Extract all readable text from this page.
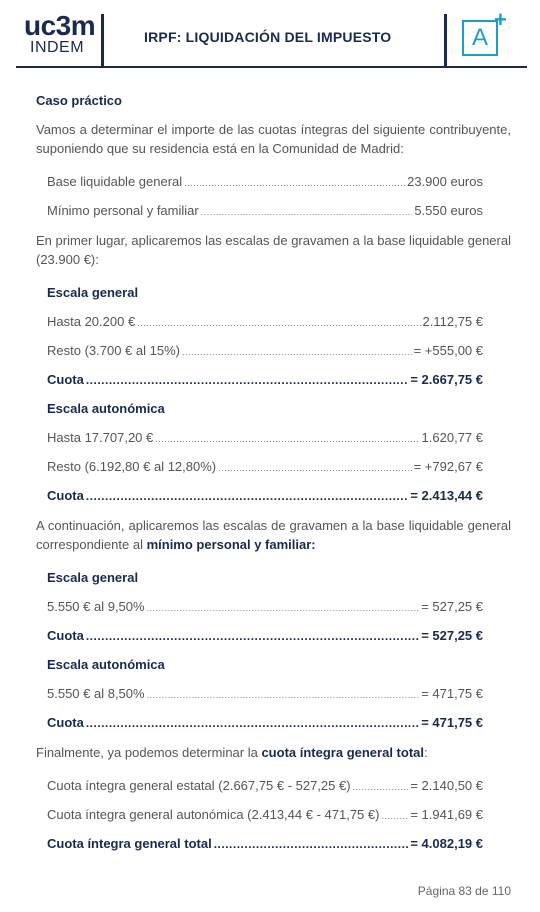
uc3m
INDEM
IRPF: LIQUIDACIÓN DEL IMPUESTO	A
+
Caso práctico

Vamos a determinar el importe de las cuotas íntegras del siguiente contribuyente, suponiendo que su residencia está en la Comunidad de Madrid:

Base liquidable general .....	23.900 euros
Mínimo personal y familiar .....	5.550 euros

En primer lugar, aplicaremos las escalas de gravamen a la base liquidable general (23.900 €):

Escala general
Hasta 20.200 € .....	2.112,75 €
Resto (3.700 € al 15%) .....	= +555,00 €
Cuota .....	= 2.667,75 €
Escala autonómica
Hasta 17.707,20 € .....	1.620,77 €
Resto (6.192,80 € al 12,80%) .....	= +792,67 €
Cuota .....	= 2.413,44 €

A continuación, aplicaremos las escalas de gravamen a la base liquidable general correspondiente al mínimo personal y familiar:

Escala general
5.550 € al 9,50% .....	= 527,25 €
Cuota .....	= 527,25 €
Escala autonómica
5.550 € al 8,50% .....	= 471,75 €
Cuota .....	= 471,75 €

Finalmente, ya podemos determinar la cuota íntegra general total:

Cuota íntegra general estatal (2.667,75 € - 527,25 €) .....	= 2.140,50 €
Cuota íntegra general autonómica (2.413,44 € - 471,75 €) ..... = 1.941,69 €
Cuota íntegra general total .....	= 4.082,19 €
Página 83 de 110
